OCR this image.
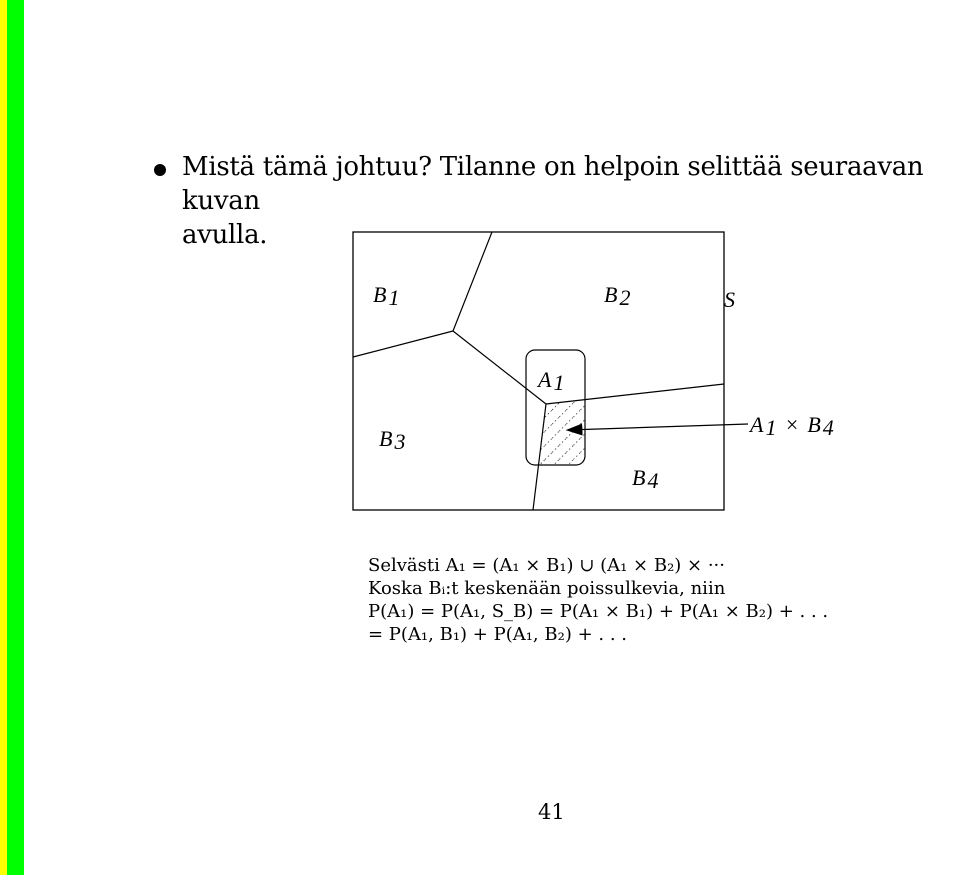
Mistä tämä johtuu? Tilanne on helpoin selittää seuraavan kuvan
avulla.
B1	B2	S
A1
B3
B4
A1 × B4
Selvästi A₁ = (A₁ × B₁) ∪ (A₁ × B₂) × ···
Koska Bᵢ:t keskenään poissulkevia, niin
P(A₁) = P(A₁, S_B) = P(A₁ × B₁) + P(A₁ × B₂) + . . .
= P(A₁, B₁) + P(A₁, B₂) + . . .
41
